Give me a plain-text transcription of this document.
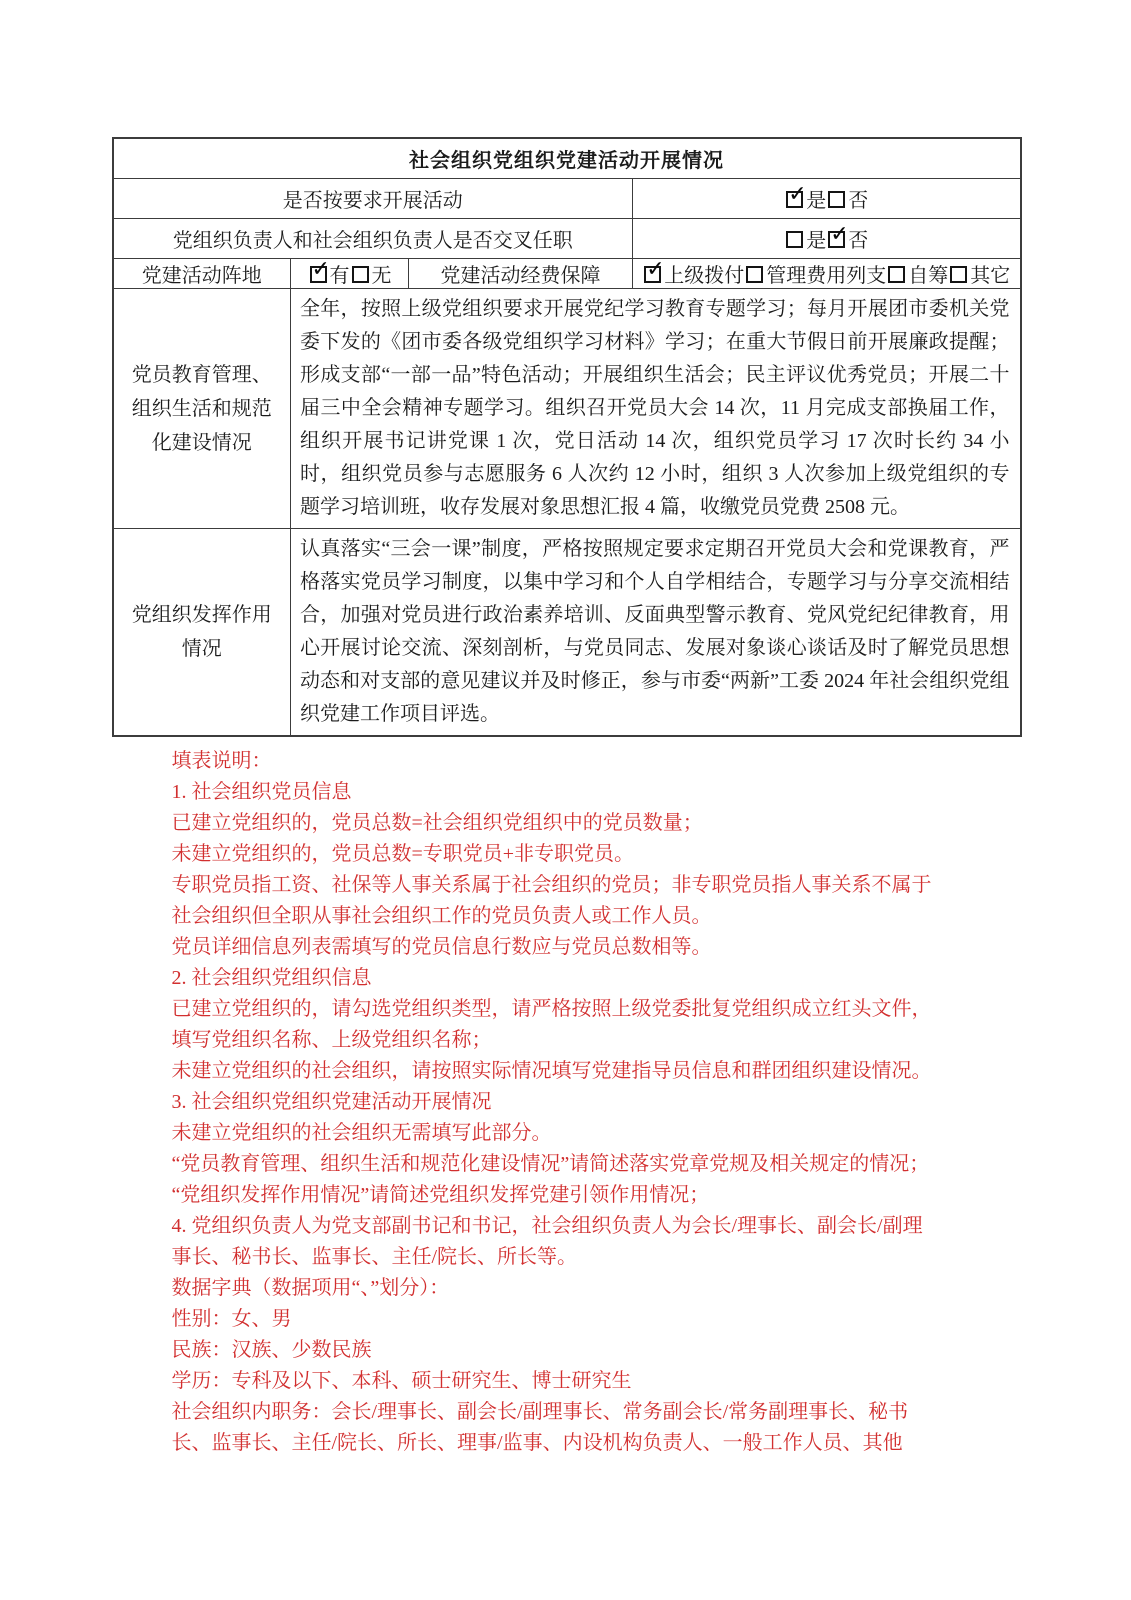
社会组织党组织党建活动开展情况			
是否按要求开展活动			✓ 是 否
党组织负责人和社会组织负责人是否交叉任职			是 ✓ 否
党建活动阵地	✓ 有 无	党建活动经费保障	✓ 上级拨付 管理费用列支 自筹 其它
党员教育管理、组织生活和规范化建设情况	全年，按照上级党组织要求开展党纪学习教育专题学习；每月开展团市委机关党委下发的《团市委各级党组织学习材料》学习；在重大节假日前开展廉政提醒；形成支部“一部一品”特色活动；开展组织生活会；民主评议优秀党员；开展二十届三中全会精神专题学习。组织召开党员大会 14 次，11 月完成支部换届工作，组织开展书记讲党课 1 次，党日活动 14 次，组织党员学习 17 次时长约 34 小时，组织党员参与志愿服务 6 人次约 12 小时，组织 3 人次参加上级党组织的专题学习培训班，收存发展对象思想汇报 4 篇，收缴党员党费 2508 元。		
党组织发挥作用情况	认真落实“三会一课”制度，严格按照规定要求定期召开党员大会和党课教育，严格落实党员学习制度，以集中学习和个人自学相结合，专题学习与分享交流相结合，加强对党员进行政治素养培训、反面典型警示教育、党风党纪纪律教育，用心开展讨论交流、深刻剖析，与党员同志、发展对象谈心谈话及时了解党员思想动态和对支部的意见建议并及时修正，参与市委“两新”工委 2024 年社会组织党组织党建工作项目评选。		
填表说明：
1. 社会组织党员信息
已建立党组织的，党员总数=社会组织党组织中的党员数量；
未建立党组织的，党员总数=专职党员+非专职党员。
专职党员指工资、社保等人事关系属于社会组织的党员；非专职党员指人事关系不属于
社会组织但全职从事社会组织工作的党员负责人或工作人员。
党员详细信息列表需填写的党员信息行数应与党员总数相等。
2. 社会组织党组织信息
已建立党组织的，请勾选党组织类型，请严格按照上级党委批复党组织成立红头文件，
填写党组织名称、上级党组织名称；
未建立党组织的社会组织，请按照实际情况填写党建指导员信息和群团组织建设情况。
3. 社会组织党组织党建活动开展情况
未建立党组织的社会组织无需填写此部分。
“党员教育管理、组织生活和规范化建设情况”请简述落实党章党规及相关规定的情况；
“党组织发挥作用情况”请简述党组织发挥党建引领作用情况；
4. 党组织负责人为党支部副书记和书记，社会组织负责人为会长/理事长、副会长/副理
事长、秘书长、监事长、主任/院长、所长等。
数据字典（数据项用“、”划分）：
性别：女、男
民族：汉族、少数民族
学历：专科及以下、本科、硕士研究生、博士研究生
社会组织内职务：会长/理事长、副会长/副理事长、常务副会长/常务副理事长、秘书
长、监事长、主任/院长、所长、理事/监事、内设机构负责人、一般工作人员、其他
